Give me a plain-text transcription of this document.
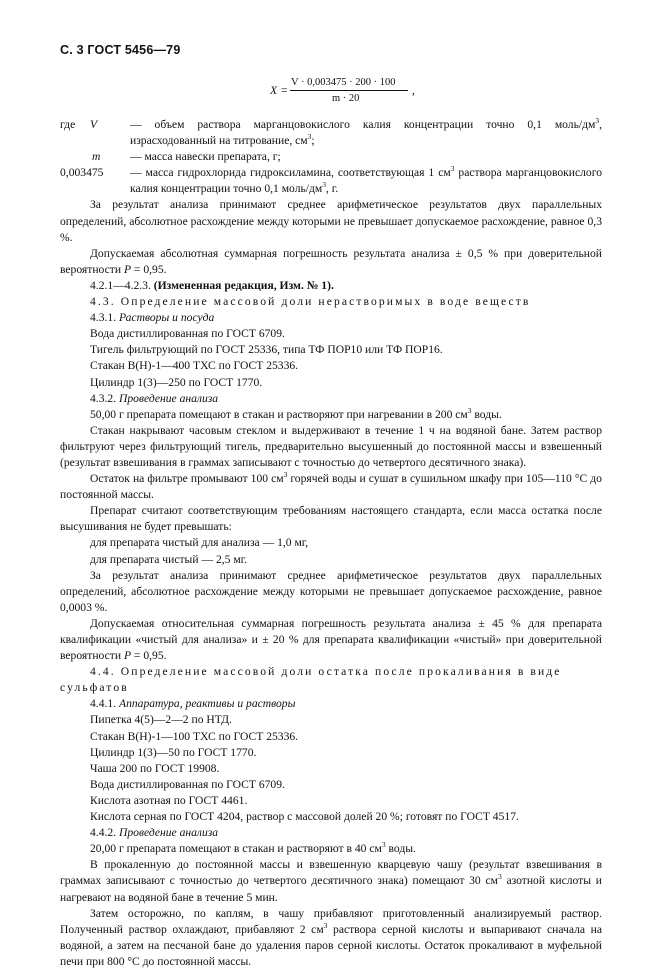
С. 3 ГОСТ 5456—79
X =
V · 0,003475 · 200 · 100
m · 20
,
где V	— объем раствора марганцовокислого калия концентрации точно 0,1 моль/$дм^3$, израсходованный на титрование, $см^3$;
m	— масса навески препарата, г;
0,003475 — масса гидрохлорида гидроксиламина, соответствующая 1 $см^3$ раствора марганцовокислого калия концентрации точно 0,1 моль/$дм^3$, г.

За результат анализа принимают среднее арифметическое результатов двух параллельных определений, абсолютное расхождение между которыми не превышает допускаемое расхождение, равное 0,3 %.

Допускаемая абсолютная суммарная погрешность результата анализа ± 0,5 % при доверительной вероятности P = 0,95.

4.2.1—4.2.3. (Измененная редакция, Изм. № 1).

4.3. Определение массовой доли нерастворимых в воде веществ

4.3.1. Растворы и посуда

Вода дистиллированная по ГОСТ 6709.

Тигель фильтрующий по ГОСТ 25336, типа ТФ ПОР10 или ТФ ПОР16.

Стакан В(Н)-1—400 ТХС по ГОСТ 25336.

Цилиндр 1(3)—250 по ГОСТ 1770.

4.3.2. Проведение анализа

50,00 г препарата помещают в стакан и растворяют при нагревании в 200 $см^3$ воды.

Стакан накрывают часовым стеклом и выдерживают в течение 1 ч на водяной бане. Затем раствор фильтруют через фильтрующий тигель, предварительно высушенный до постоянной массы и взвешенный (результат взвешивания в граммах записывают с точностью до четвертого десятичного знака).

Остаток на фильтре промывают 100 $см^3$ горячей воды и сушат в сушильном шкафу при 105—110 °С до постоянной массы.

Препарат считают соответствующим требованиям настоящего стандарта, если масса остатка после высушивания не будет превышать:

для препарата чистый для анализа — 1,0 мг,

для препарата чистый — 2,5 мг.

За результат анализа принимают среднее арифметическое результатов двух параллельных определений, абсолютное расхождение между которыми не превышает допускаемое расхождение, равное 0,0003 %.

Допускаемая относительная суммарная погрешность результата анализа ± 45 % для препарата квалификации «чистый для анализа» и ± 20 % для препарата квалификации «чистый» при доверительной вероятности P = 0,95.

4.4. Определение массовой доли остатка после прокаливания в виде сульфатов

4.4.1. Аппаратура, реактивы и растворы

Пипетка 4(5)—2—2 по НТД.

Стакан В(Н)-1—100 ТХС по ГОСТ 25336.

Цилиндр 1(3)—50 по ГОСТ 1770.

Чаша 200 по ГОСТ 19908.

Вода дистиллированная по ГОСТ 6709.

Кислота азотная по ГОСТ 4461.

Кислота серная по ГОСТ 4204, раствор с массовой долей 20 %; готовят по ГОСТ 4517.

4.4.2. Проведение анализа

20,00 г препарата помещают в стакан и растворяют в 40 $см^3$ воды.

В прокаленную до постоянной массы и взвешенную кварцевую чашу (результат взвешивания в граммах записывают с точностью до четвертого десятичного знака) помещают 30 $см^3$ азотной кислоты и нагревают на водяной бане в течение 5 мин.

Затем осторожно, по каплям, в чашу прибавляют приготовленный анализируемый раствор. Полученный раствор охлаждают, прибавляют 2 $см^3$ раствора серной кислоты и выпаривают сначала на водяной, а затем на песчаной бане до удаления паров серной кислоты. Остаток прокаливают в муфельной печи при 800 °С до постоянной массы.
